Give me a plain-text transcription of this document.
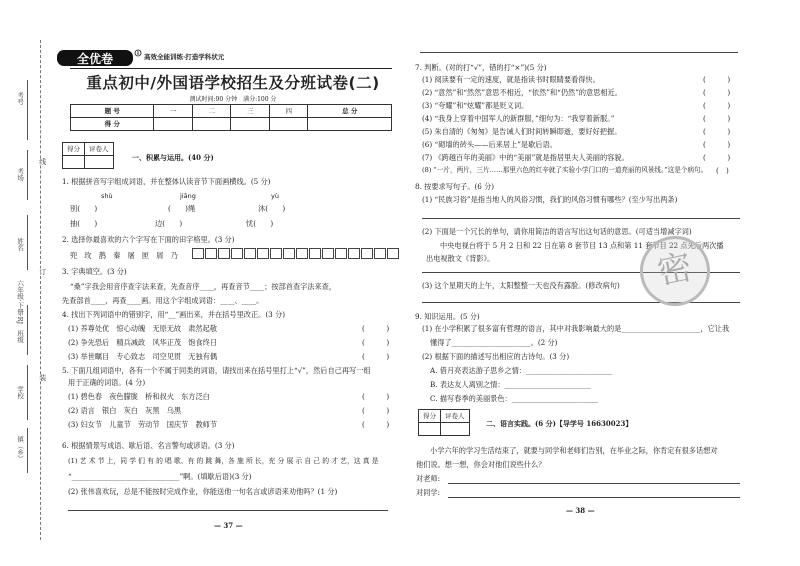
考号
考场
姓名
六年级·下册·RJ
班级
学校
镇（乡）
线
订
装
全优卷	R 高效全能训练·打造学科状元
重点初中/外国语学校招生及分班试卷(二)
测试时间:90 分钟　满分:100 分
题 号	一	二	三	四	总 分
得 分					
得分	评卷人

一、积累与运用。(40 分)
1. 根据拼音写字组成词语，并在整体认读音节下面画横线。(5 分)
shù	jiāng	yù
别(　　)	(　　)绳	沐(　　)
抽(　　)	边(　　)	忧(　　)
2. 选择你最喜欢的六个字写在下面的田字格里。(3 分)
兜　玫　鹊　秦　屠　匣　屑　乃
3. 字典填空。(3 分)
“桑”字我会用音序查字法来查，先查音序____，再查音节____；按部首查字法来查，
先查部首____，再查____画。用这个字组成词语：____、____。
4. 找出下列词语中的错别字，用“__”画出来，并在括号里改正。(3 分)
(1) 养尊处优　惊心动魄　无原无故　肃然起敬	(　　　)
(2) 争先恐后　精兵减政　风华正茂　饱食终日	(　　　)
(3) 举世瞩目　专心致志　司空见贯　无独有偶	(　　　)
5. 下面几组词语中，各有一个不属于同类的词语，请找出来在括号里打上“√”，然后自己再写一组
用于正确的词语。(4 分)
(1) 碧色春　夜色朦胧　桥和叔火　东方泛白	(　　　)
(2) 语言　银白　灰白　灰黑　乌黑	(　　　)
(3) 妇女节　儿童节　劳动节　国庆节　教师节	(　　　)
6. 根据情景写成语、歇后语、名言警句或谚语。(3 分)
(1) 艺 术 节 上，同 学 们 有 的 唱 歌、有 的 跳 舞，各 施 所 长，充 分 展 示 自 己 的 才 艺，这 真 是
“______________________________”啊。(填歇后语)(3 分)
(2) 张伟喜欢玩，总是不能按时完成作业，你能送他一句名言或谚语来劝他吗？(1 分)
— 37 —
7. 判断。(对的打“√”，错的打“×”)(5 分)
(1) 阅读要有一定的速度，就是指读书时眼睛要看得快。	(　　　)
(2) “意然”和“然然”意思不相近，“依然”和“仍然”的意思相近。	(　　　)
(3) “夸耀”和“炫耀”都是贬义词。	(　　　)
(4) “我身上穿着中国军人的新群服，”细句为：“我穿着新服。”	(　　　)
(5) 朱自清的《匆匆》是告诫人们时间转瞬即逝，要好好把握。	(　　　)
(6) “砌墙的砖头——后来居上”是歇后语。	(　　　)
(7) 《跨越百年的美丽》中的“美丽”就是指居里夫人美丽的容貌。	(　　　)
(8) “一片，两片，三片……那里六色的红辛就了实验小学门口的一道亮丽的风景线。”这是个病句。 (　)
8. 按要求写句子。(6 分)
(1) “民族习俗”是指当地人的风俗习惯，我们的风俗习惯有哪些？(至少写出两条)
(2) 下面是一个冗长的单句，请你用简洁的语言写出这句话的意思。(可适当增减字词)
中央电视台将于 5 月 2 日和 22 日在第 8 套节目 13 点和第 11 套节目 22 点先后两次播
出电视散文《背影》。
(3) 这个星期天的上午，太阳整整一天也没有露脸。(修改病句)	密
9. 知识运用。(5 分)
(1) 在小学积累了很多富有哲理的语言，其中对我影响最大的是______________________，它让我
懂得了______________________。(2 分)
(2) 根据下面的描述写出相应的古诗句。(3 分)
A. 借月亮表达游子思乡之情：________________________
B. 表达友人离别之情：________________________
C. 描写春季的美丽景色：________________________
得分	评卷人

二、语言实践。(6 分)【导学号 16630023】
小学六年的学习生活结束了，就要与同学和老师们告别，在毕业之际，你肯定有很多话想对
他们说。想一想，你会对他们说些什么？
对老师:
对同学:
— 38 —
